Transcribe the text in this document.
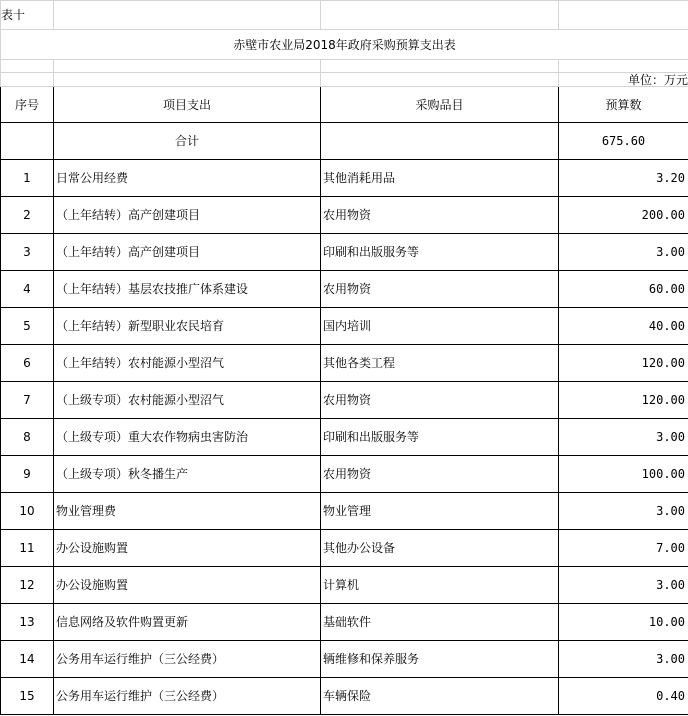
表十			
赤壁市农业局2018年政府采购预算支出表			

			单位：万元
序号	项目支出	采购品目	预算数
	合计		675.60
1	日常公用经费	其他消耗用品	3.20
2	（上年结转）高产创建项目	农用物资	200.00
3	（上年结转）高产创建项目	印刷和出版服务等	3.00
4	（上年结转）基层农技推广体系建设	农用物资	60.00
5	（上年结转）新型职业农民培育	国内培训	40.00
6	（上年结转）农村能源小型沼气	其他各类工程	120.00
7	（上级专项）农村能源小型沼气	农用物资	120.00
8	（上级专项）重大农作物病虫害防治	印刷和出版服务等	3.00
9	（上级专项）秋冬播生产	农用物资	100.00
10	物业管理费	物业管理	3.00
11	办公设施购置	其他办公设备	7.00
12	办公设施购置	计算机	3.00
13	信息网络及软件购置更新	基础软件	10.00
14	公务用车运行维护（三公经费）	辆维修和保养服务	3.00
15	公务用车运行维护（三公经费）	车辆保险	0.40
